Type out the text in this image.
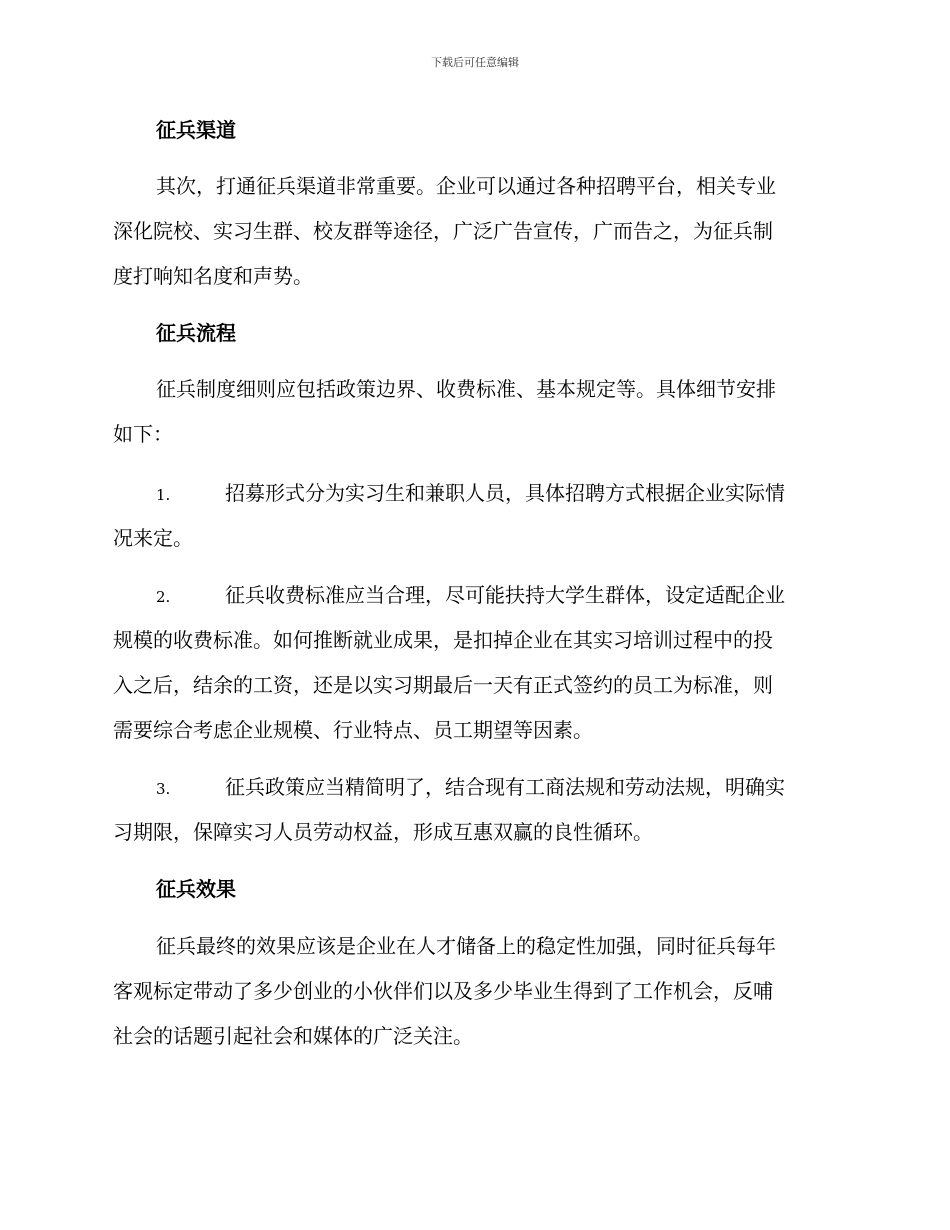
下载后可任意编辑
征兵渠道
其次，打通征兵渠道非常重要。企业可以通过各种招聘平台，相关专业
深化院校、实习生群、校友群等途径，广泛广告宣传，广而告之，为征兵制
度打响知名度和声势。
征兵流程
征兵制度细则应包括政策边界、收费标准、基本规定等。具体细节安排
如下：
1.	招募形式分为实习生和兼职人员，具体招聘方式根据企业实际情
况来定。
2.	征兵收费标准应当合理，尽可能扶持大学生群体，设定适配企业
规模的收费标准。如何推断就业成果，是扣掉企业在其实习培训过程中的投
入之后，结余的工资，还是以实习期最后一天有正式签约的员工为标准，则
需要综合考虑企业规模、行业特点、员工期望等因素。
3.	征兵政策应当精简明了，结合现有工商法规和劳动法规，明确实
习期限，保障实习人员劳动权益，形成互惠双赢的良性循环。
征兵效果
征兵最终的效果应该是企业在人才储备上的稳定性加强，同时征兵每年
客观标定带动了多少创业的小伙伴们以及多少毕业生得到了工作机会，反哺
社会的话题引起社会和媒体的广泛关注。
